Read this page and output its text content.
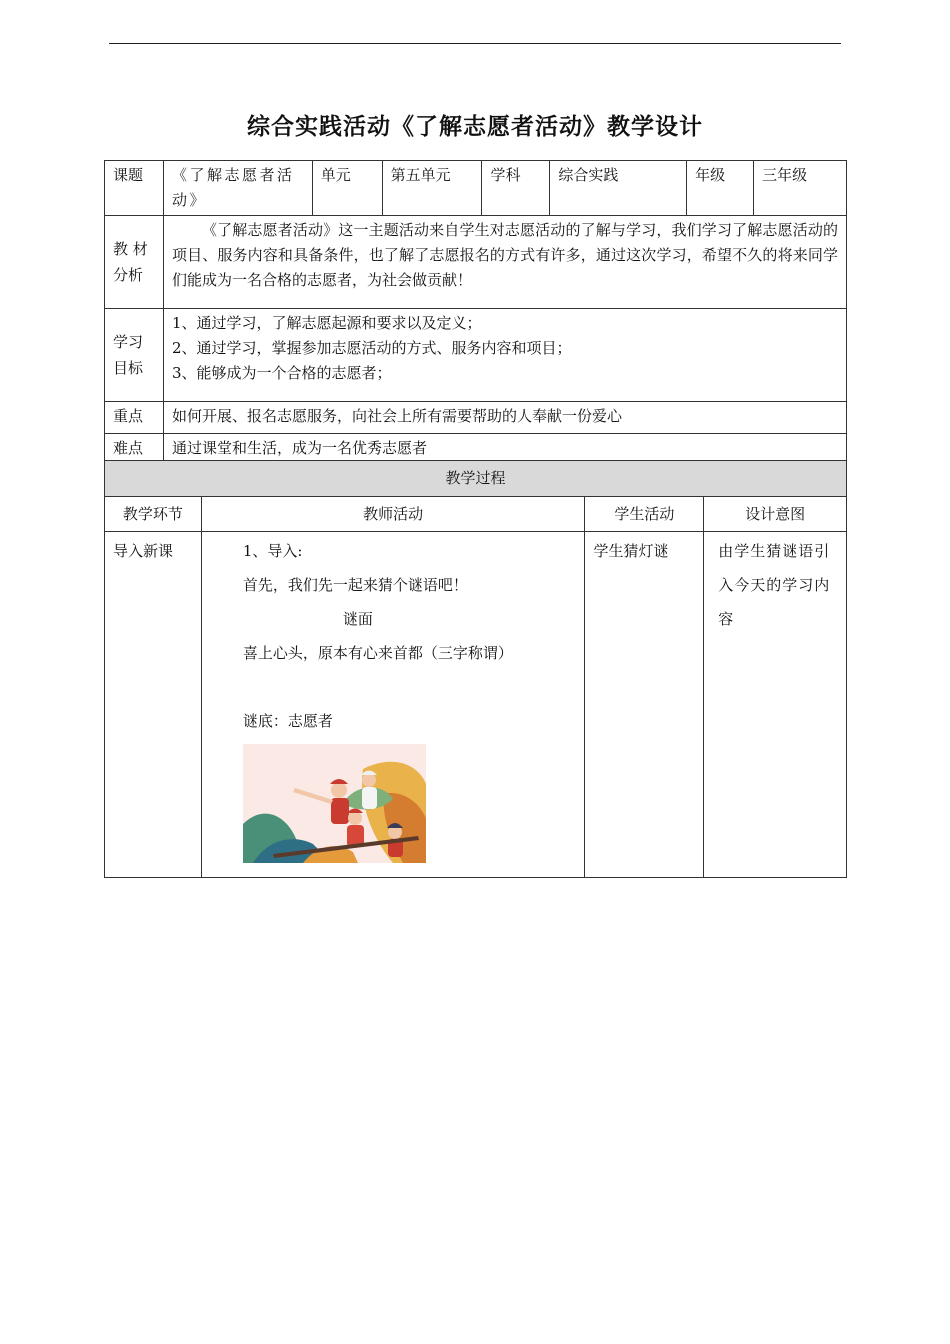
综合实践活动《了解志愿者活动》教学设计
课题	《了解志愿者活动》	单元	第五单元	学科	综合实践	年级	三年级
教 材 分析	《了解志愿者活动》这一主题活动来自学生对志愿活动的了解与学习，我们学习了解志愿活动的项目、服务内容和具备条件，也了解了志愿报名的方式有许多，通过这次学习，希望不久的将来同学们能成为一名合格的志愿者，为社会做贡献！						
学习 目标	1、通过学习，了解志愿起源和要求以及定义；
2、通过学习，掌握参加志愿活动的方式、服务内容和项目；
3、能够成为一个合格的志愿者；						

重点	如何开展、报名志愿服务，向社会上所有需要帮助的人奉献一份爱心						
难点	通过课堂和生活，成为一名优秀志愿者						
教学过程			
教学环节	教师活动	学生活动	设计意图
导入新课	1、导入:

首先，我们先一起来猜个谜语吧！

谜面

喜上心头，原本有心来首都（三字称谓）

谜底：志愿者	学生猜灯谜	由学生猜谜语引入今天的学习内容
